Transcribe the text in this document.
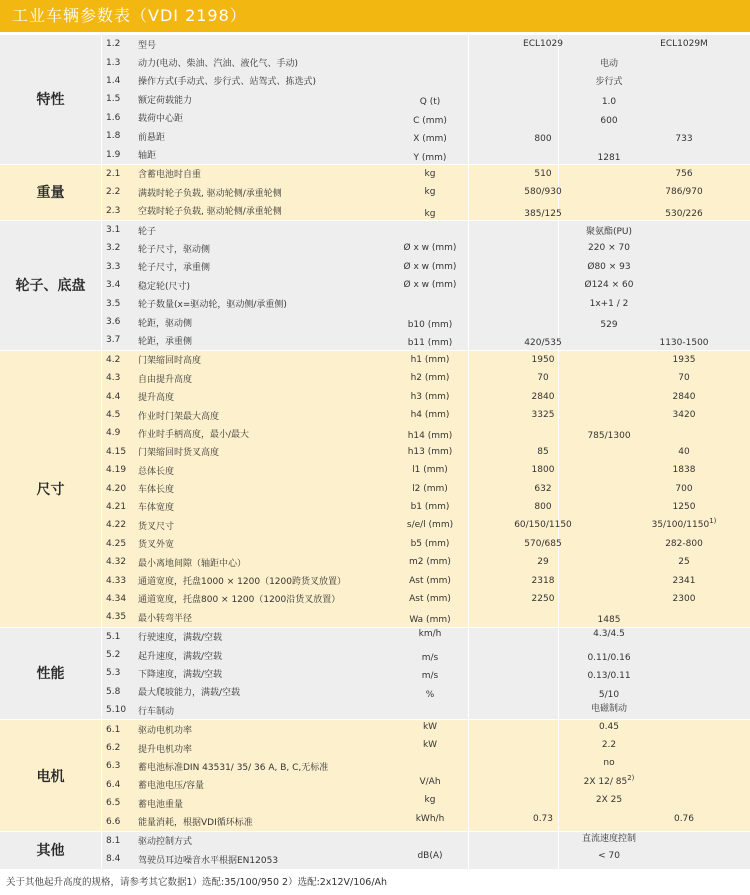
工业车辆参数表（VDI 2198）
特性
1.2	型号	ECL1029	ECL1029M
1.3	动力(电动、柴油、汽油、液化气、手动)	电动
1.4	操作方式(手动式、步行式、站驾式、拣选式)	步行式
1.5	额定荷载能力	Q (t)	1.0
1.6	载荷中心距	C (mm)	600
1.8	前悬距	X (mm)	800	733
1.9	轴距	Y (mm)	1281
重量
2.1	含蓄电池时自重	kg	510	756
2.2	满载时轮子负载, 驱动轮侧/承重轮侧	kg	580/930	786/970
2.3	空载时轮子负载, 驱动轮侧/承重轮侧	kg	385/125	530/226
轮子、底盘
3.1	轮子	聚氨酯(PU)
3.2	轮子尺寸，驱动侧	Ø x w (mm)	220 × 70
3.3	轮子尺寸，承重侧	Ø x w (mm)	Ø80 × 93
3.4	稳定轮(尺寸)	Ø x w (mm)	Ø124 × 60
3.5	轮子数量(x=驱动轮，驱动侧/承重侧)	1x+1 / 2
3.6	轮距，驱动侧	b10 (mm)	529
3.7	轮距，承重侧	b11 (mm)	420/535	1130-1500
尺寸
4.2	门架缩回时高度	h1 (mm)	1950	1935
4.3	自由提升高度	h2 (mm)	70	70
4.4	提升高度	h3 (mm)	2840	2840
4.5	作业时门架最大高度	h4 (mm)	3325	3420
4.9	作业时手柄高度，最小/最大	h14 (mm)	785/1300
4.15	门架缩回时货叉高度	h13 (mm)	85	40
4.19	总体长度	l1 (mm)	1800	1838
4.20	车体长度	l2 (mm)	632	700
4.21	车体宽度	b1 (mm)	800	1250
4.22	货叉尺寸	s/e/l (mm)	60/150/1150	35/100/1150$^{1)}$
4.25	货叉外宽	b5 (mm)	570/685	282-800
4.32	最小离地间隙（轴距中心）	m2 (mm)	29	25
4.33	通道宽度，托盘1000 × 1200（1200跨货叉放置）	Ast (mm)	2318	2341
4.34	通道宽度，托盘800 × 1200（1200沿货叉放置）	Ast (mm)	2250	2300
4.35	最小转弯半径	Wa (mm)	1485
性能
5.1	行驶速度，满载/空载	km/h	4.3/4.5
5.2	起升速度，满载/空载	m/s	0.11/0.16
5.3	下降速度，满载/空载	m/s	0.13/0.11
5.8	最大爬坡能力，满载/空载	%	5/10
5.10	行车制动	电磁制动
电机
6.1	驱动电机功率	kW	0.45
6.2	提升电机功率	kW	2.2
6.3	蓄电池标准DIN 43531/ 35/ 36 A, B, C,无标准	no
6.4	蓄电池电压/容量	V/Ah	2X 12/ 85$^{2)}$
6.5	蓄电池重量	kg	2X 25
6.6	能量消耗，根据VDI循环标准	kWh/h	0.73	0.76
其他
8.1	驱动控制方式	直流速度控制
8.4	驾驶员耳边噪音水平根据EN12053	dB(A)	< 70
关于其他起升高度的规格，请参考其它数据1）选配:35/100/950 2）选配:2x12V/106/Ah
